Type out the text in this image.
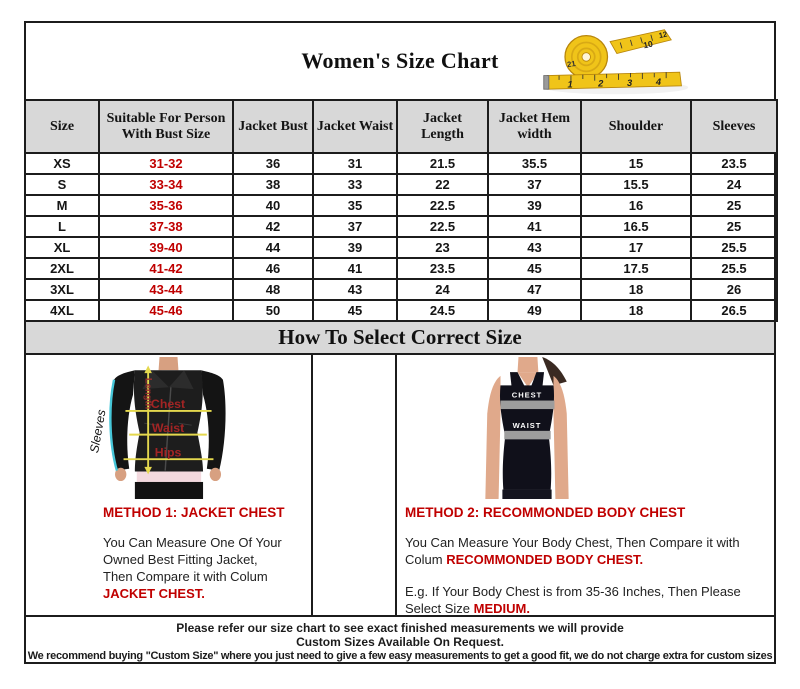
Women's Size Chart
10
12
21
1 2 3 4
Size	Suitable For Person With Bust Size	Jacket Bust	Jacket Waist	Jacket Length	Jacket Hem width	Shoulder	Sleeves
XS	31-32	36	31	21.5	35.5	15	23.5
S	33-34	38	33	22	37	15.5	24
M	35-36	40	35	22.5	39	16	25
L	37-38	42	37	22.5	41	16.5	25
XL	39-40	44	39	23	43	17	25.5
2XL	41-42	46	41	23.5	45	17.5	25.5
3XL	43-44	48	43	24	47	18	26
4XL	45-46	50	45	24.5	49	18	26.5
How To Select Correct Size
Sleeves
Length
Chest
Waist
Hips
METHOD 1: JACKET CHEST
You Can Measure One Of Your Owned Best Fitting Jacket, Then Compare it with Colum JACKET CHEST.
CHEST
WAIST
METHOD 2: RECOMMONDED BODY CHEST
You Can Measure Your Body Chest, Then Compare it with Colum RECOMMONDED BODY CHEST.
E.g. If Your Body Chest is from 35-36 Inches, Then Please Select Size MEDIUM.
Please refer our size chart to see exact finished measurements we will provide
Custom Sizes Available On Request.
We recommend buying "Custom Size" where you just need to give a few easy measurements to get a good fit, we do not charge extra for custom sizes
